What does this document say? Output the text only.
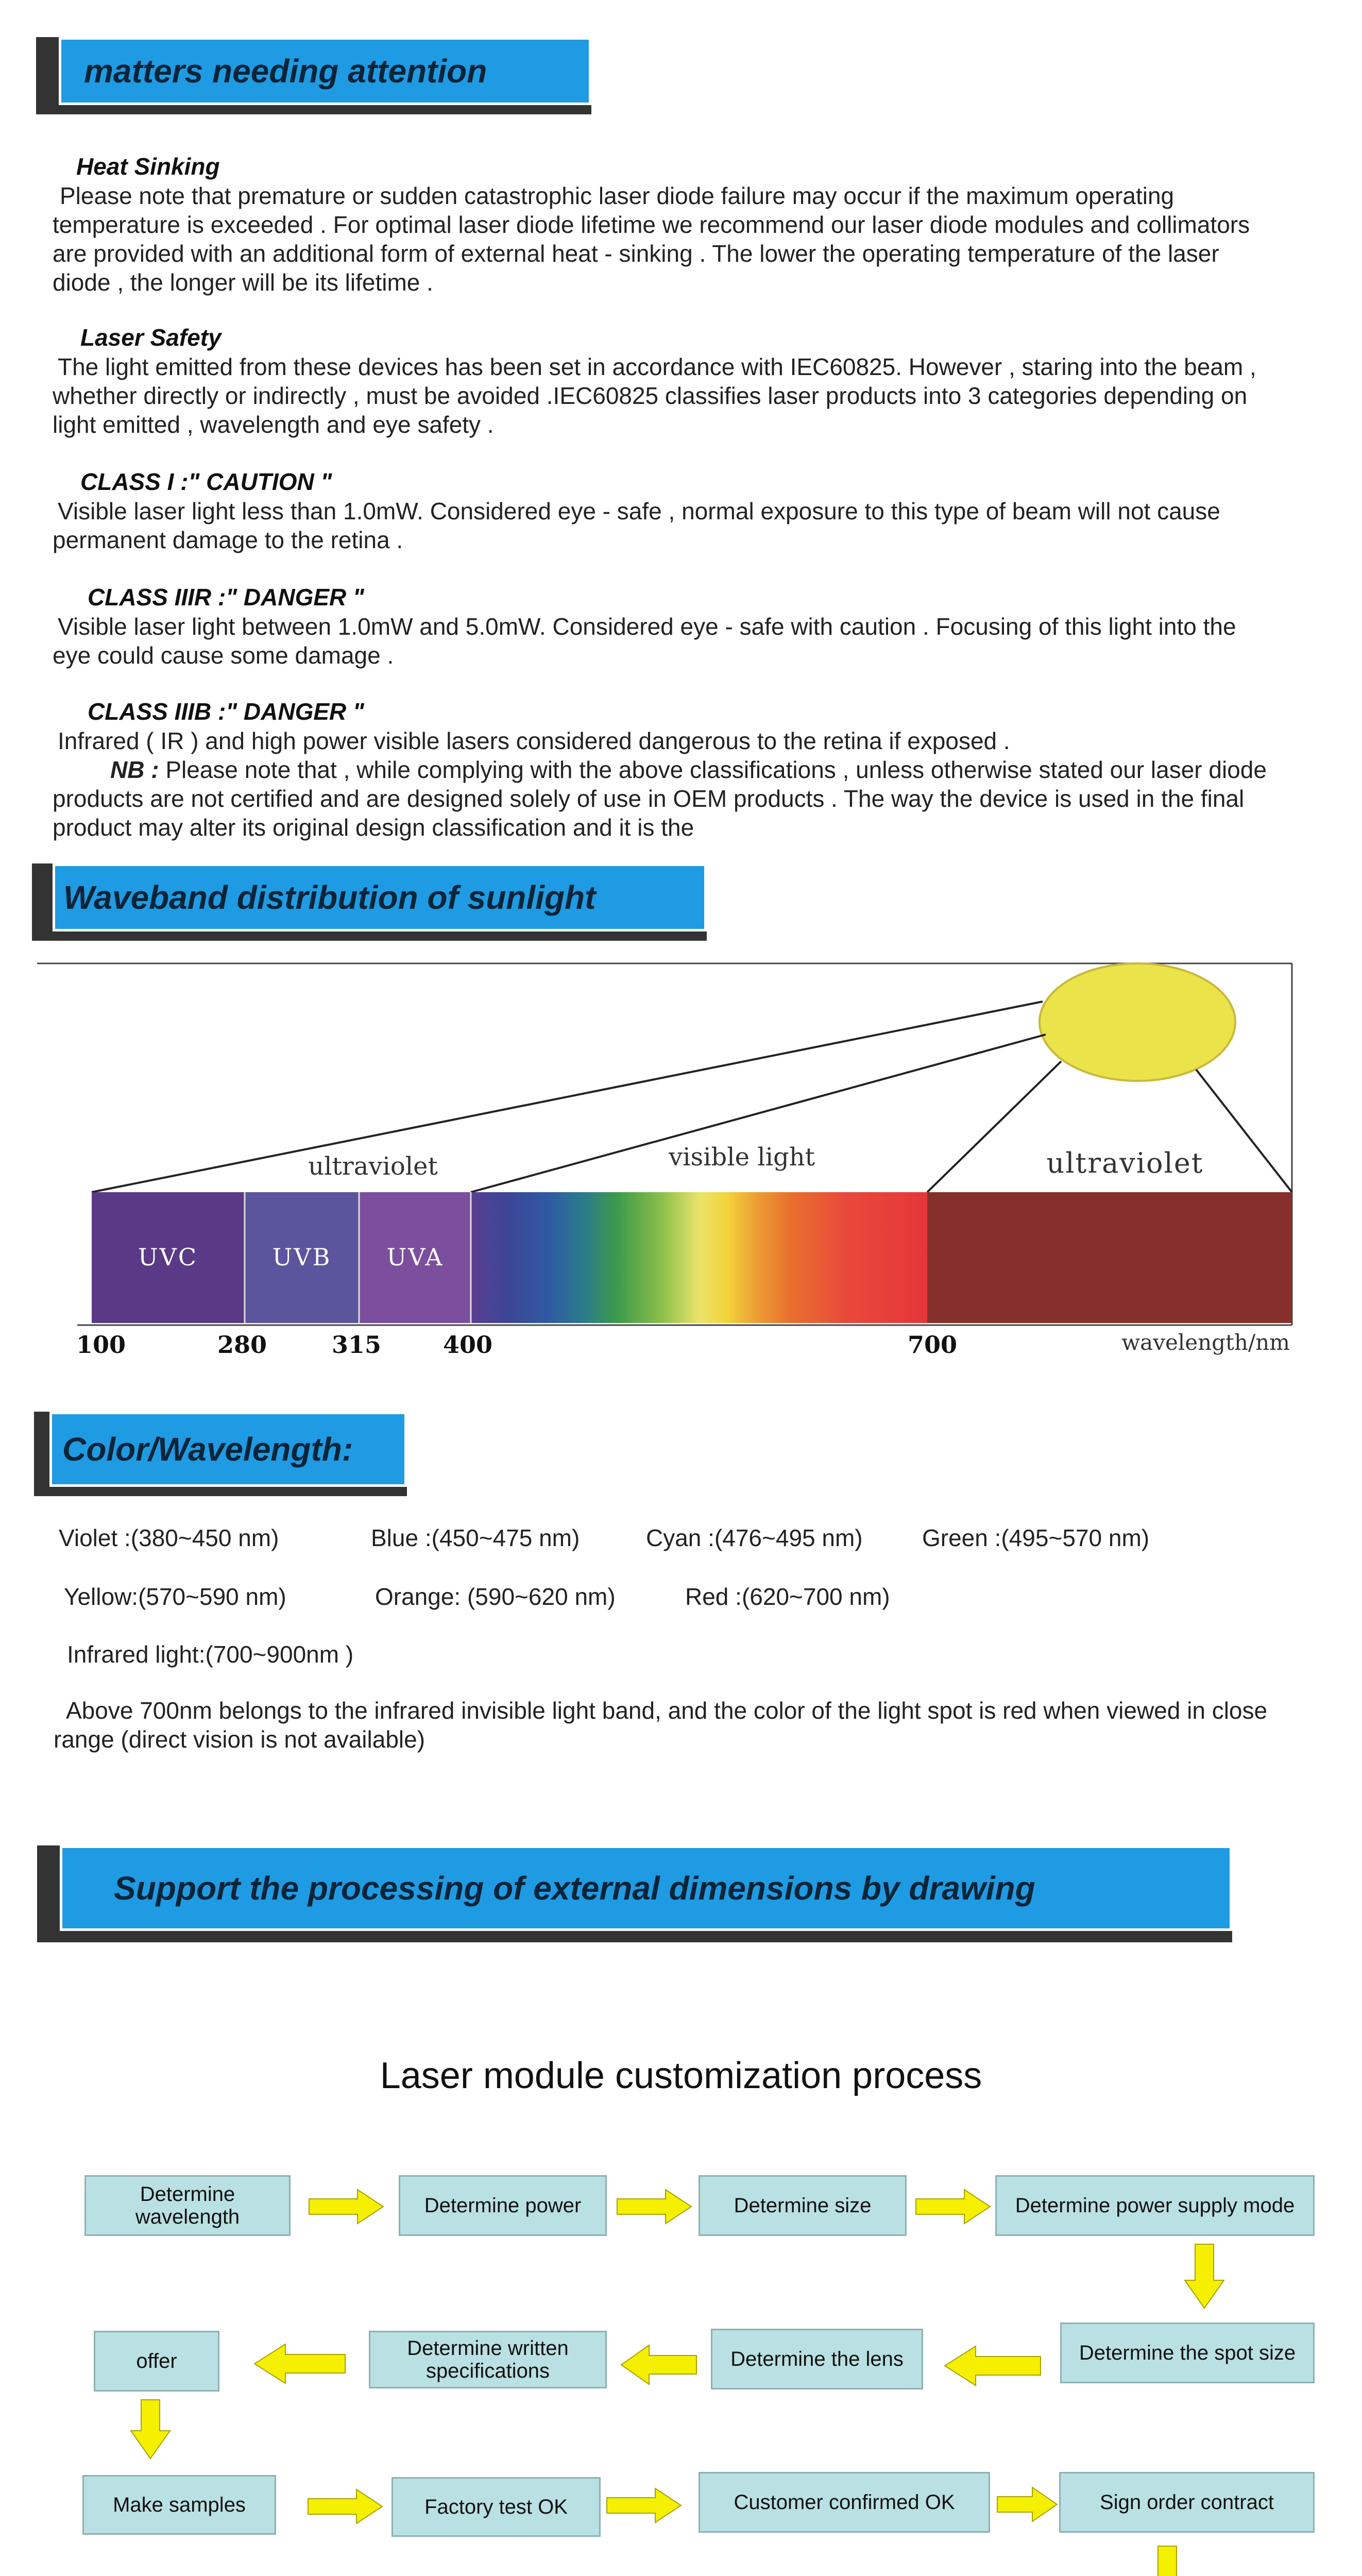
matters needing attention
Heat Sinking
Please note that premature or sudden catastrophic laser diode failure may occur if the maximum operating temperature is exceeded . For optimal laser diode lifetime we recommend our laser diode modules and collimators are provided with an additional form of external heat - sinking . The lower the operating temperature of the laser diode , the longer will be its lifetime .
Laser Safety
The light emitted from these devices has been set in accordance with IEC60825. However , staring into the beam , whether directly or indirectly , must be avoided .IEC60825 classifies laser products into 3 categories depending on light emitted , wavelength and eye safety .
CLASS I :" CAUTION "
Visible laser light less than 1.0mW. Considered eye - safe , normal exposure to this type of beam will not cause permanent damage to the retina .
CLASS IIIR :" DANGER "
Visible laser light between 1.0mW and 5.0mW. Considered eye - safe with caution . Focusing of this light into the eye could cause some damage .
CLASS IIIB :" DANGER "
Infrared ( IR ) and high power visible lasers considered dangerous to the retina if exposed .
NB : Please note that , while complying with the above classifications , unless otherwise stated our laser diode products are not certified and are designed solely of use in OEM products . The way the device is used in the final product may alter its original design classification and it is the
Waveband distribution of sunlight
UVC	UVB UVA
ultraviolet	visible light	ultraviolet
100	280	315	400	700	wavelength/nm
Color/Wavelength:
Violet :(380~450 nm)	Blue :(450~475 nm)	Cyan :(476~495 nm)	Green :(495~570 nm)
Yellow:(570~590 nm)	Orange: (590~620 nm)	Red :(620~700 nm)
Infrared light:(700~900nm )
Above 700nm belongs to the infrared invisible light band, and the color of the light spot is red when viewed in close range (direct vision is not available)
Support the processing of external dimensions by drawing
Laser module customization process
Determine wavelength	Determine power	Determine size	Determine power supply mode
Determine the spot size
Determine the lens
Determine written specifications
offer
Make samples	Factory test OK	Customer confirmed OK	Sign order contract
